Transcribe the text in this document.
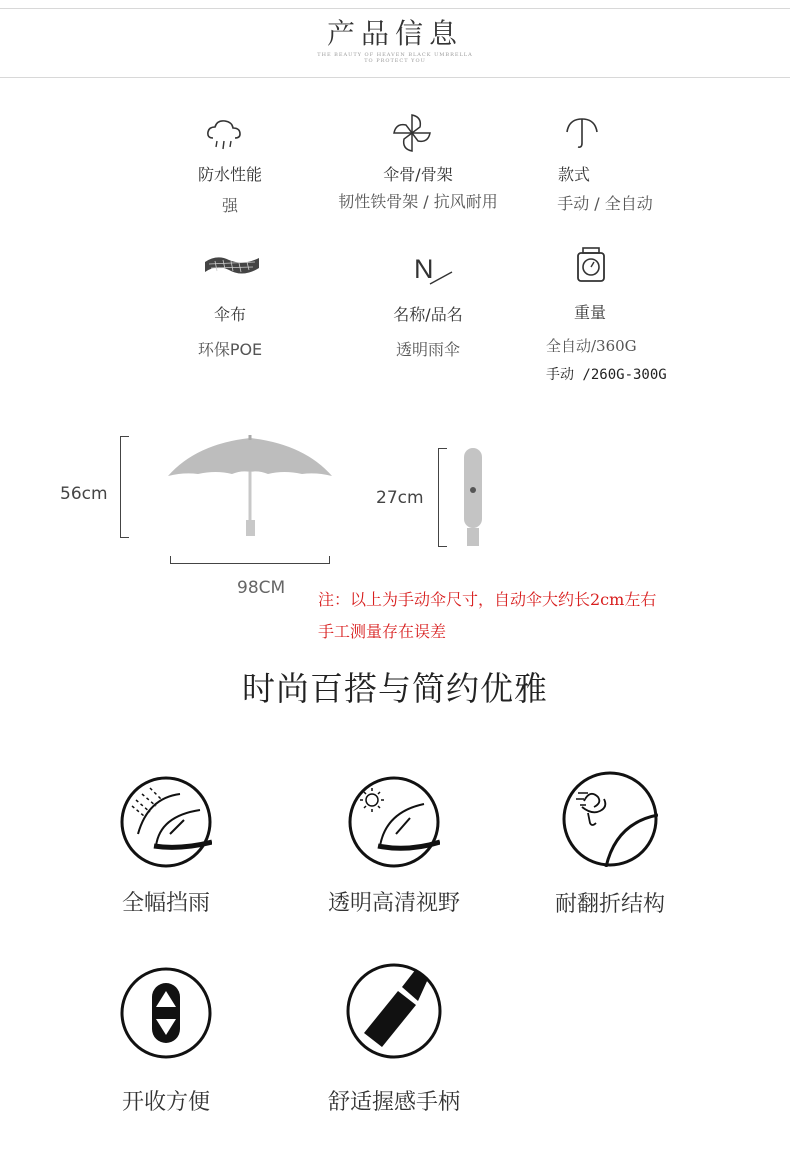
产品信息
THE BEAUTY OF HEAVEN BLACK UMBRELLA
TO PROTECT YOU
防水性能
强
伞骨/骨架
韧性铁骨架 / 抗风耐用
款式
手动 / 全自动
伞布
环保POE
N
名称/品名
透明雨伞
重量
全自动/360G
手动 /260G-300G
56cm
98CM
27cm
注：以上为手动伞尺寸，自动伞大约长2cm左右
手工测量存在误差
时尚百搭与简约优雅
全幅挡雨	透明高清视野	耐翻折结构
开收方便	舒适握感手柄
